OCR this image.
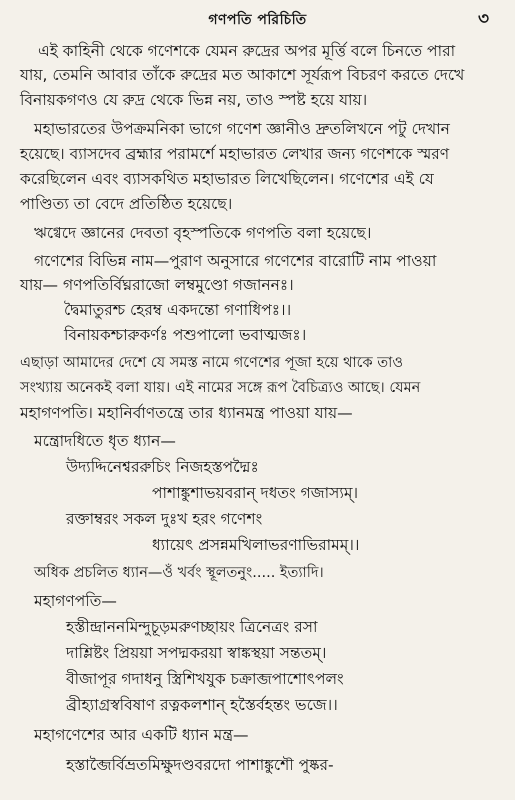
গণপতি পরিচিতি	৩
এই কাহিনী থেকে গণেশকে যেমন রুদ্রের অপর মূর্ত্তি বলে চিনতে পারা
যায়, তেমনি আবার তাঁকে রুদ্রের মত আকাশে সূর্যরূপ বিচরণ করতে দেখে
বিনায়কগণও যে রুদ্র থেকে ভিন্ন নয়, তাও স্পষ্ট হয়ে যায়।
মহাভারতের উপক্রমনিকা ভাগে গণেশ জ্ঞানীও দ্রুতলিখনে পটু দেখান
হয়েছে। ব্যাসদেব ব্রহ্মার পরামর্শে মহাভারত লেখার জন্য গণেশকে স্মরণ
করেছিলেন এবং ব্যাসকথিত মহাভারত লিখেছিলেন। গণেশের এই যে
পাণ্ডিত্য তা বেদে প্রতিষ্ঠিত হয়েছে।
ঋগ্বেদে জ্ঞানের দেবতা বৃহস্পতিকে গণপতি বলা হয়েছে।
গণেশের বিভিন্ন নাম—পুরাণ অনুসারে গণেশের বারোটি নাম পাওয়া
যায়— গণপতির্বিঘ্নরাজো লম্বমুণ্ডো গজাননঃ।
দ্বৈমাতুরশ্চ হেরম্ব একদন্তো গণাধিপঃ।।
বিনায়কশ্চারুকর্ণঃ পশুপালো ভবাত্মজঃ।
এছাড়া আমাদের দেশে যে সমস্ত নামে গণেশের পূজা হয়ে থাকে তাও
সংখ্যায় অনেকই বলা যায়। এই নামের সঙ্গে রূপ বৈচিত্র্যও আছে। যেমন
মহাগণপতি। মহানির্বাণতন্ত্রে তার ধ্যানমন্ত্র পাওয়া যায়—
মন্ত্রোদধিতে ধৃত ধ্যান—
উদ্যদ্দিনেশ্বররুচিং নিজহস্তপদ্মৈঃ
পাশাঙ্কুশাভয়বরান্‌ দধতং গজাস্যম্‌।
রক্তাম্বরং সকল দুঃখ হরং গণেশং
ধ্যায়েৎ প্রসন্নমখিলাভরণাভিরামম্‌।।
অধিক প্রচলিত ধ্যান—ওঁ খর্বং স্থূলতনুং..... ইত্যাদি।
মহাগণপতি—
হস্তীন্দ্রাননমিন্দুচূড়মরুণচ্ছায়ং ত্রিনেত্রং রসা
দাশ্লিষ্টং প্রিয়য়া সপদ্মকরয়া স্বাঙ্কস্থয়া সন্ততম্‌।
বীজাপূর গদাধনু স্ত্রিশিখযুক চক্রাব্জপাশোৎপলং
ব্রীহ্যাগ্রস্ববিষাণ রত্নকলশান্‌ হস্তৈর্বহন্তং ভজে।।
মহাগণেশের আর একটি ধ্যান মন্ত্র—
হস্তাব্জৈর্বিভ্রতমিক্ষুদণ্ডবরদো পাশাঙ্কুশৌ পুষ্কর-
